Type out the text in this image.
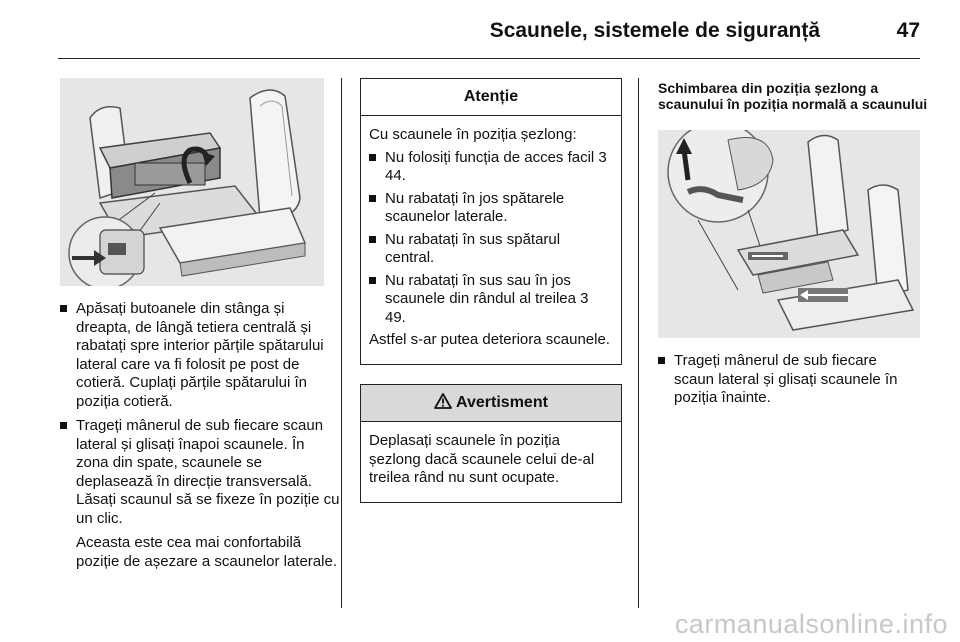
Scaunele, sistemele de siguranță	47
Apăsați butoanele din stânga și dreapta, de lângă tetiera centrală și rabatați spre interior părțile spătarului lateral care va fi folosit pe post de cotieră. Cuplați părțile spătarului în poziția cotieră.
Trageți mânerul de sub fiecare scaun lateral și glisați înapoi scaunele. În zona din spate, scaunele se deplasează în direcție transversală. Lăsați scaunul să se fixeze în poziție cu un clic.
Aceasta este cea mai confortabilă poziție de așezare a scaunelor laterale.
Atenție
Cu scaunele în poziția șezlong:
Nu folosiți funcția de acces facil 3 44.
Nu rabatați în jos spătarele scaunelor laterale.
Nu rabatați în sus spătarul central.
Nu rabatați în sus sau în jos scaunele din rândul al treilea 3 49.
Astfel s-ar putea deteriora scaunele.
Avertisment
Deplasați scaunele în poziția șezlong dacă scaunele celui de-al treilea rând nu sunt ocupate.
Schimbarea din poziția șezlong a scaunului în poziția normală a scaunului
Trageți mânerul de sub fiecare scaun lateral și glisați scaunele în poziția înainte.
carmanualsonline.info
